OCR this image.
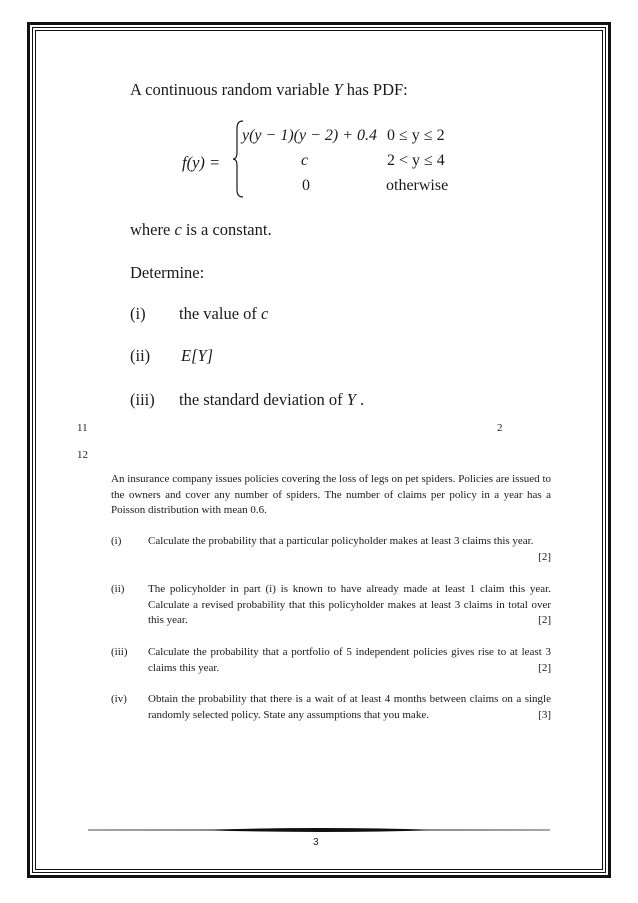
A continuous random variable Y has PDF:
f(y) =
y(y − 1)(y − 2) + 0.4 0 ≤ y ≤ 2
c	2 < y ≤ 4
0	otherwise
where c is a constant.
Determine:
(i) the value of c
(ii) E[Y]
(iii) the standard deviation of Y .
11	2
12
An insurance company issues policies covering the loss of legs on pet spiders. Policies are issued to the owners and cover any number of spiders. The number of claims per policy in a year has a Poisson distribution with mean 0.6.
(i) Calculate the probability that a particular policyholder makes at least 3 claims this year.
[2]
(ii) The policyholder in part (i) is known to have already made at least 1 claim this year. Calculate a revised probability that this policyholder makes at least 3 claims in total over this year.	[2]
(iii) Calculate the probability that a portfolio of 5 independent policies gives rise to at least 3 claims this year.	[2]
(iv) Obtain the probability that there is a wait of at least 4 months between claims on a single randomly selected policy. State any assumptions that you make.	[3]
3
